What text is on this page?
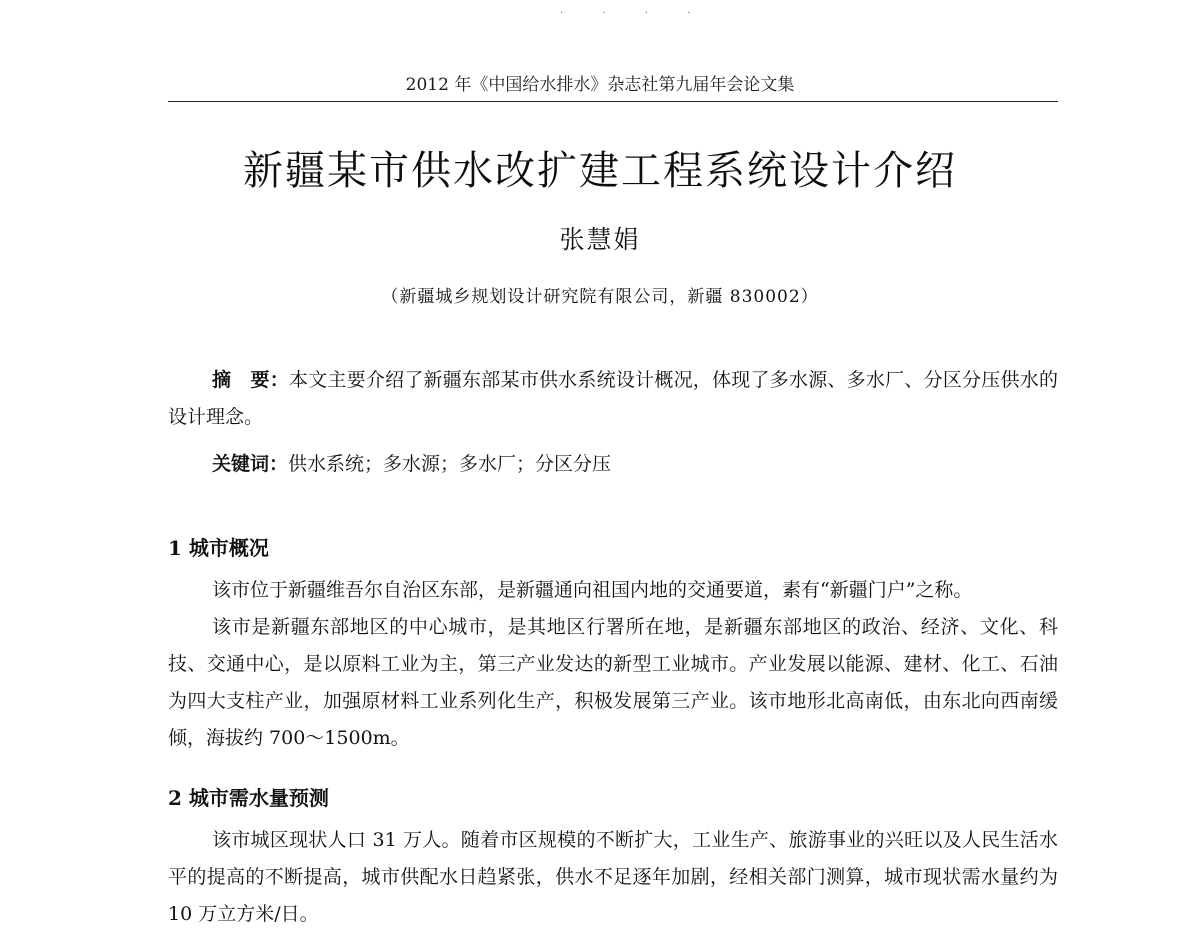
· · · ·
2012 年《中国给水排水》杂志社第九届年会论文集
新疆某市供水改扩建工程系统设计介绍
张慧娟
（新疆城乡规划设计研究院有限公司，新疆 830002）

摘　要：本文主要介绍了新疆东部某市供水系统设计概况，体现了多水源、多水厂、分区分压供水的设计理念。

关键词：供水系统；多水源；多水厂；分区分压

1 城市概况

该市位于新疆维吾尔自治区东部，是新疆通向祖国内地的交通要道，素有“新疆门户”之称。

该市是新疆东部地区的中心城市，是其地区行署所在地，是新疆东部地区的政治、经济、文化、科技、交通中心，是以原料工业为主，第三产业发达的新型工业城市。产业发展以能源、建材、化工、石油为四大支柱产业，加强原材料工业系列化生产，积极发展第三产业。该市地形北高南低，由东北向西南缓倾，海拔约 700～1500m。

2 城市需水量预测

该市城区现状人口 31 万人。随着市区规模的不断扩大，工业生产、旅游事业的兴旺以及人民生活水平的提高的不断提高，城市供配水日趋紧张，供水不足逐年加剧，经相关部门测算，城市现状需水量约为 10 万立方米/日。
